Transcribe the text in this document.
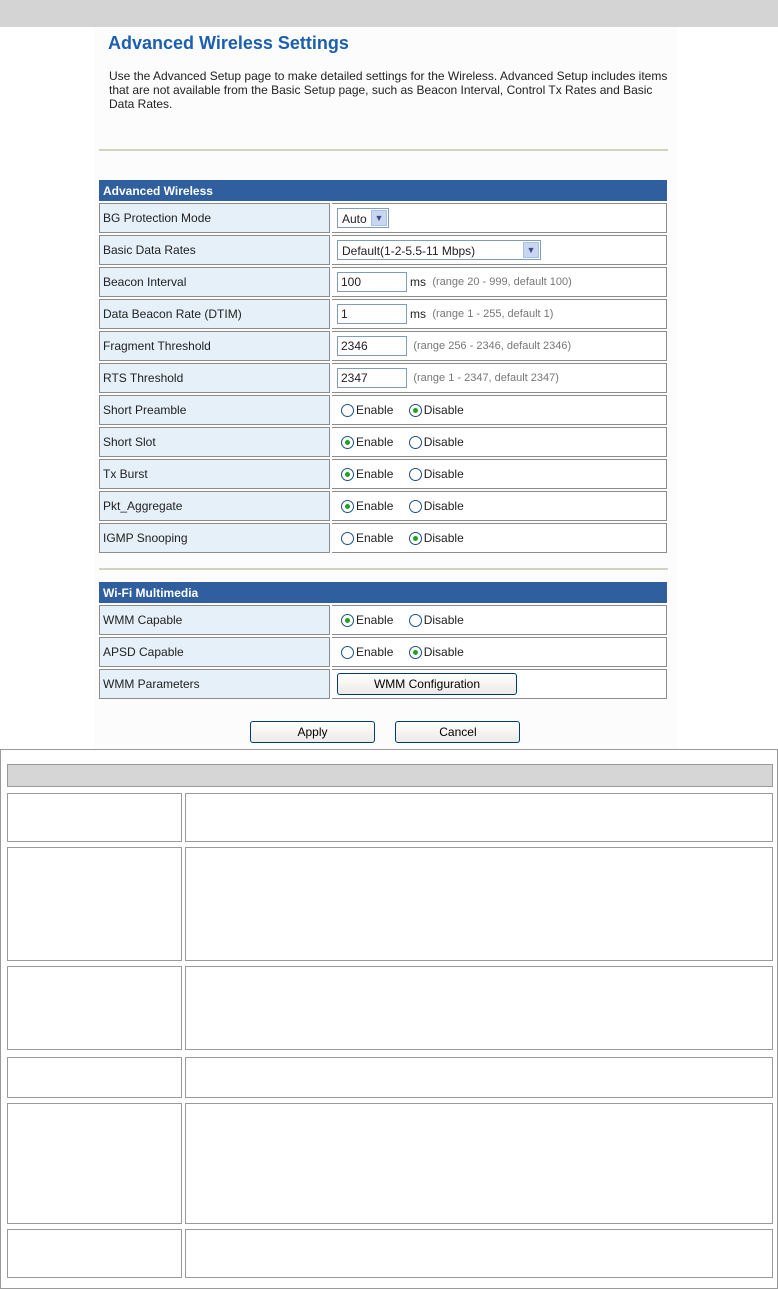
Advanced Wireless Settings
Use the Advanced Setup page to make detailed settings for the Wireless. Advanced Setup includes items that are not available from the Basic Setup page, such as Beacon Interval, Control Tx Rates and Basic Data Rates.
Advanced Wireless		
BG Protection Mode		Auto ▼

Basic Data Rates		Default(1-2-5.5-11 Mbps) ▼

Beacon Interval		100 ms (range 20 - 999, default 100)
Data Beacon Rate (DTIM)		1 ms (range 1 - 255, default 1)
Fragment Threshold		2346 (range 256 - 2346, default 2346)
RTS Threshold		2347 (range 1 - 2347, default 2347)
Short Preamble		Enable Disable
Short Slot		Enable Disable
Tx Burst		Enable Disable
Pkt_Aggregate		Enable Disable
IGMP Snooping		Enable Disable
Wi-Fi Multimedia		
WMM Capable		Enable Disable
APSD Capable		Enable Disable
WMM Parameters		WMM Configuration
Apply	Cancel
